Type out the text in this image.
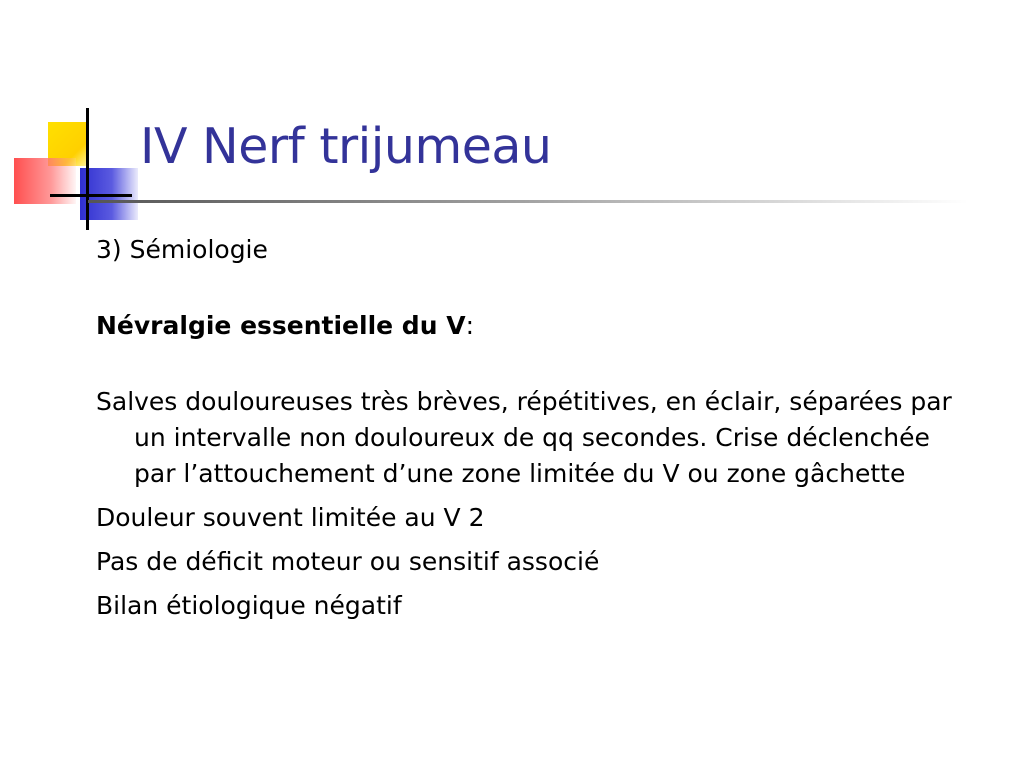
IV Nerf trijumeau

3) Sémiologie

Névralgie essentielle du V:

Salves douloureuses très brèves, répétitives, en éclair, séparées par un intervalle non douloureux de qq secondes. Crise déclenchée par l’attouchement d’une zone limitée du V ou zone gâchette

Douleur souvent limitée au V 2

Pas de déficit moteur ou sensitif associé

Bilan étiologique négatif
